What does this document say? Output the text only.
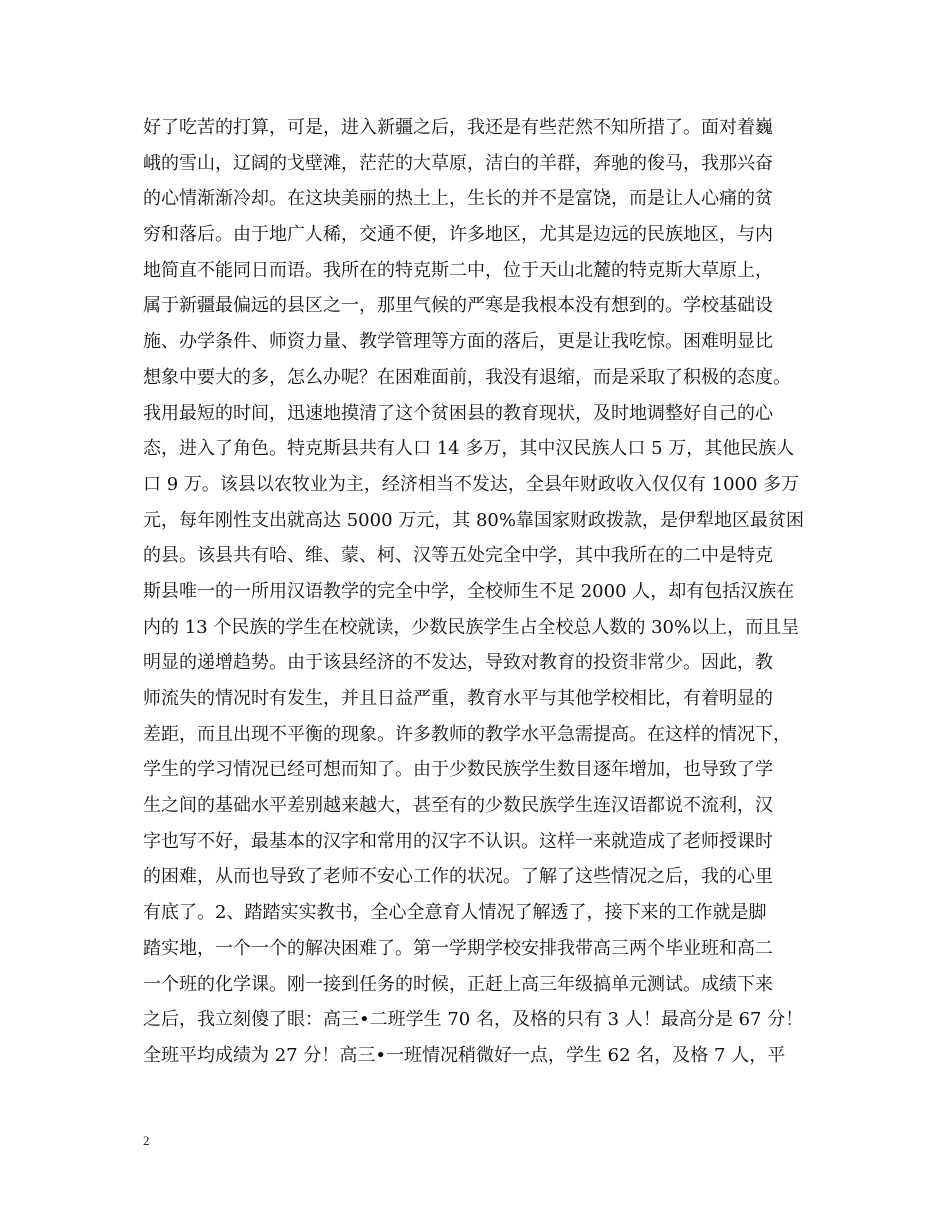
好了吃苦的打算，可是，进入新疆之后，我还是有些茫然不知所措了。面对着巍
峨的雪山，辽阔的戈壁滩，茫茫的大草原，洁白的羊群，奔驰的俊马，我那兴奋
的心情渐渐冷却。在这块美丽的热土上，生长的并不是富饶，而是让人心痛的贫
穷和落后。由于地广人稀，交通不便，许多地区，尤其是边远的民族地区，与内
地简直不能同日而语。我所在的特克斯二中，位于天山北麓的特克斯大草原上，
属于新疆最偏远的县区之一，那里气候的严寒是我根本没有想到的。学校基础设
施、办学条件、师资力量、教学管理等方面的落后，更是让我吃惊。困难明显比
想象中要大的多，怎么办呢？在困难面前，我没有退缩，而是采取了积极的态度。
我用最短的时间，迅速地摸清了这个贫困县的教育现状，及时地调整好自己的心
态，进入了角色。特克斯县共有人口 14 多万，其中汉民族人口 5 万，其他民族人
口 9 万。该县以农牧业为主，经济相当不发达，全县年财政收入仅仅有 1000 多万
元，每年刚性支出就高达 5000 万元，其 80%靠国家财政拨款，是伊犁地区最贫困
的县。该县共有哈、维、蒙、柯、汉等五处完全中学，其中我所在的二中是特克
斯县唯一的一所用汉语教学的完全中学，全校师生不足 2000 人，却有包括汉族在
内的 13 个民族的学生在校就读，少数民族学生占全校总人数的 30%以上，而且呈
明显的递增趋势。由于该县经济的不发达，导致对教育的投资非常少。因此，教
师流失的情况时有发生，并且日益严重，教育水平与其他学校相比，有着明显的
差距，而且出现不平衡的现象。许多教师的教学水平急需提高。在这样的情况下，
学生的学习情况已经可想而知了。由于少数民族学生数目逐年增加，也导致了学
生之间的基础水平差别越来越大，甚至有的少数民族学生连汉语都说不流利，汉
字也写不好，最基本的汉字和常用的汉字不认识。这样一来就造成了老师授课时
的困难，从而也导致了老师不安心工作的状况。了解了这些情况之后，我的心里
有底了。2、踏踏实实教书，全心全意育人情况了解透了，接下来的工作就是脚
踏实地，一个一个的解决困难了。第一学期学校安排我带高三两个毕业班和高二
一个班的化学课。刚一接到任务的时候，正赶上高三年级搞单元测试。成绩下来
之后，我立刻傻了眼：高三•二班学生 70 名，及格的只有 3 人！最高分是 67 分！
全班平均成绩为 27 分！高三•一班情况稍微好一点，学生 62 名，及格 7 人，平
2
